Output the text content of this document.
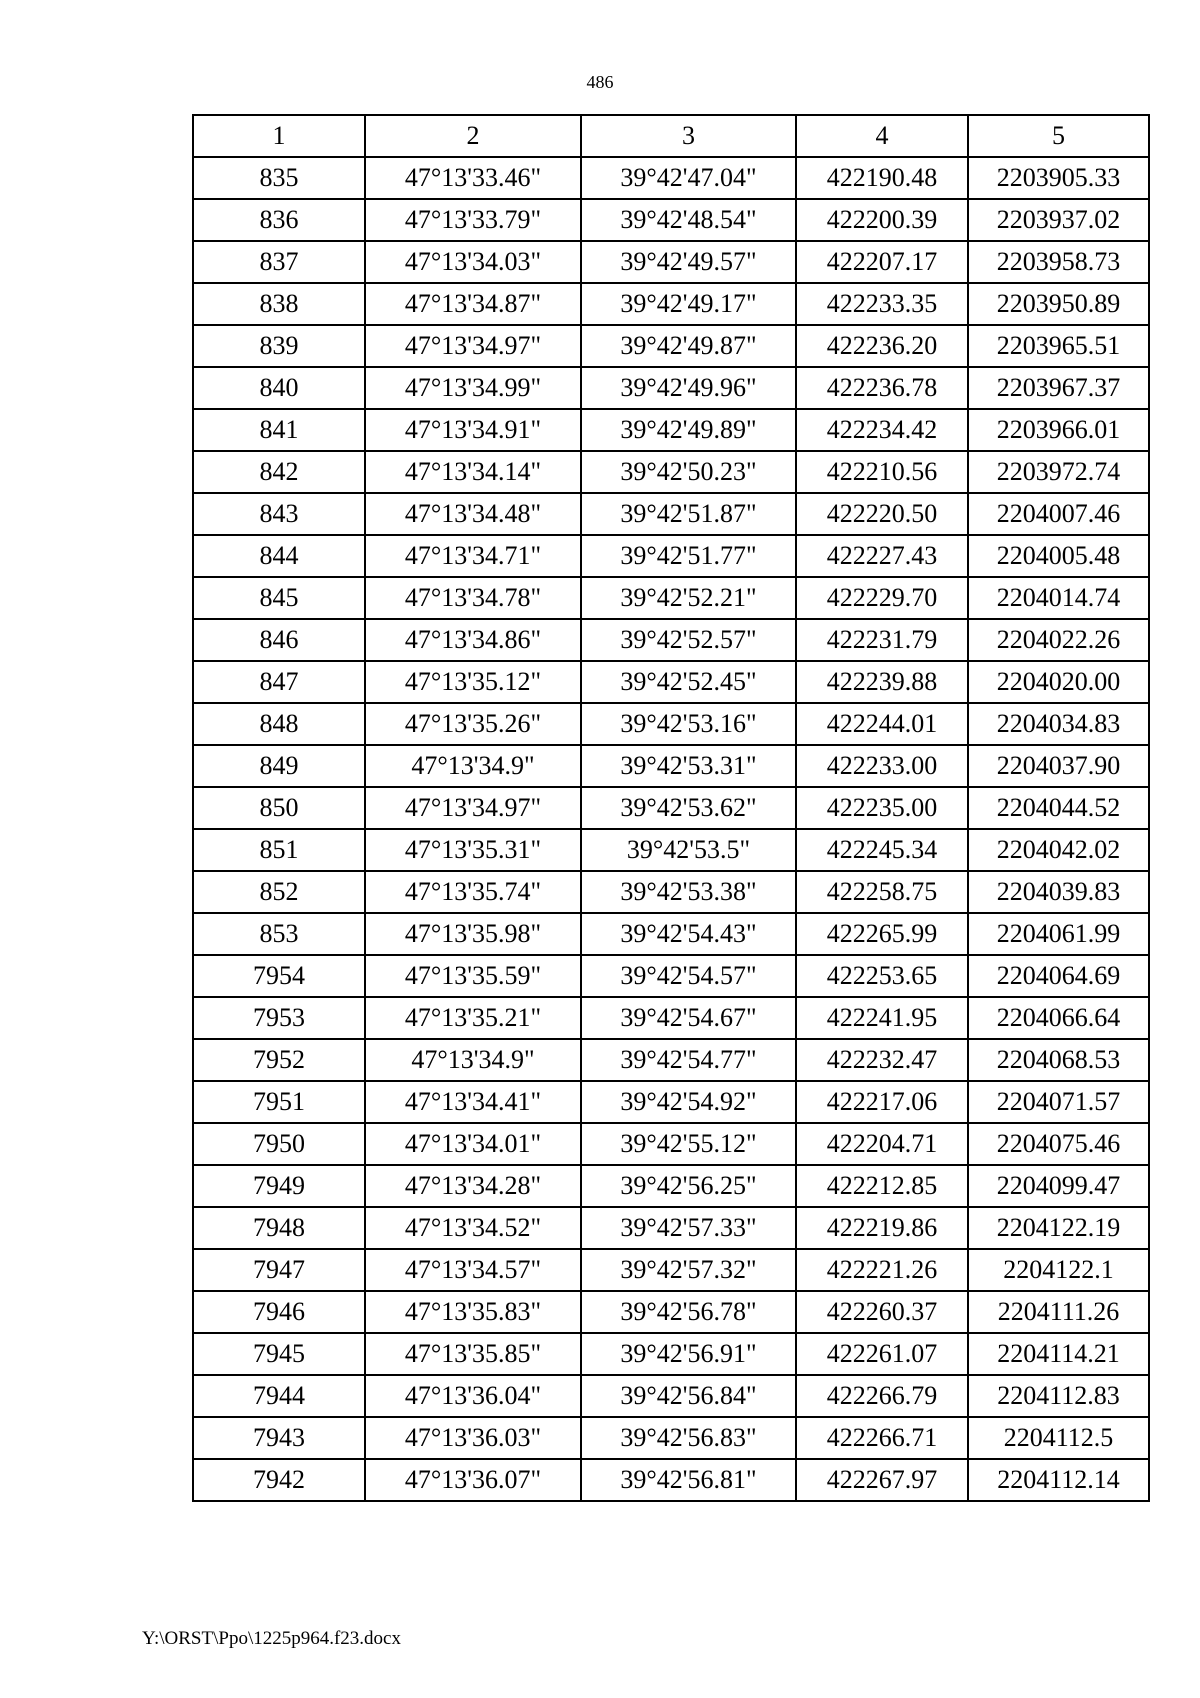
486
1	2	3	4	5
835	47°13'33.46"	39°42'47.04"	422190.48	2203905.33
836	47°13'33.79"	39°42'48.54"	422200.39	2203937.02
837	47°13'34.03"	39°42'49.57"	422207.17	2203958.73
838	47°13'34.87"	39°42'49.17"	422233.35	2203950.89
839	47°13'34.97"	39°42'49.87"	422236.20	2203965.51
840	47°13'34.99"	39°42'49.96"	422236.78	2203967.37
841	47°13'34.91"	39°42'49.89"	422234.42	2203966.01
842	47°13'34.14"	39°42'50.23"	422210.56	2203972.74
843	47°13'34.48"	39°42'51.87"	422220.50	2204007.46
844	47°13'34.71"	39°42'51.77"	422227.43	2204005.48
845	47°13'34.78"	39°42'52.21"	422229.70	2204014.74
846	47°13'34.86"	39°42'52.57"	422231.79	2204022.26
847	47°13'35.12"	39°42'52.45"	422239.88	2204020.00
848	47°13'35.26"	39°42'53.16"	422244.01	2204034.83
849	47°13'34.9"	39°42'53.31"	422233.00	2204037.90
850	47°13'34.97"	39°42'53.62"	422235.00	2204044.52
851	47°13'35.31"	39°42'53.5"	422245.34	2204042.02
852	47°13'35.74"	39°42'53.38"	422258.75	2204039.83
853	47°13'35.98"	39°42'54.43"	422265.99	2204061.99
7954	47°13'35.59"	39°42'54.57"	422253.65	2204064.69
7953	47°13'35.21"	39°42'54.67"	422241.95	2204066.64
7952	47°13'34.9"	39°42'54.77"	422232.47	2204068.53
7951	47°13'34.41"	39°42'54.92"	422217.06	2204071.57
7950	47°13'34.01"	39°42'55.12"	422204.71	2204075.46
7949	47°13'34.28"	39°42'56.25"	422212.85	2204099.47
7948	47°13'34.52"	39°42'57.33"	422219.86	2204122.19
7947	47°13'34.57"	39°42'57.32"	422221.26	2204122.1
7946	47°13'35.83"	39°42'56.78"	422260.37	2204111.26
7945	47°13'35.85"	39°42'56.91"	422261.07	2204114.21
7944	47°13'36.04"	39°42'56.84"	422266.79	2204112.83
7943	47°13'36.03"	39°42'56.83"	422266.71	2204112.5
7942	47°13'36.07"	39°42'56.81"	422267.97	2204112.14
Y:\ORST\Ppo\1225p964.f23.docx
